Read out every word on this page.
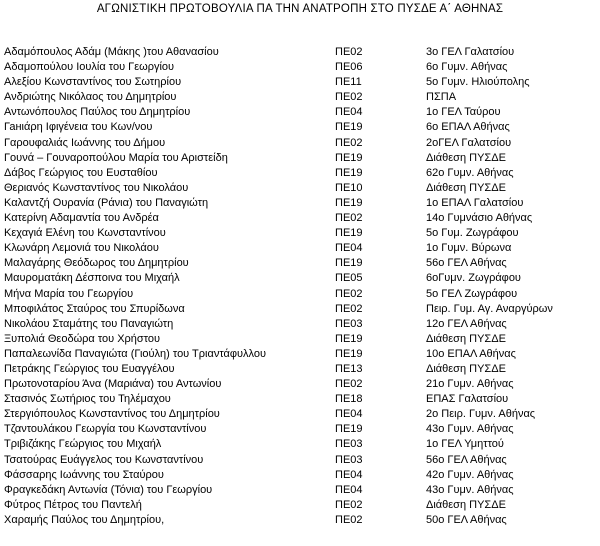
ΑΓΩΝΙΣΤΙΚΗ ΠΡΩΤΟΒΟΥΛΙΑ ΠΑ ΤΗΝ ΑΝΑΤΡΟΠΗ ΣΤΟ ΠΥΣΔΕ Α΄ ΑΘΗΝΑΣ
Αδαμόπουλος Αδάμ (Μάκης )του Αθανασίου	ΠΕ02	3ο ΓΕΛ Γαλατσίου
Αδαμοπούλου Ιουλία του Γεωργίου	ΠΕ06	6ο Γυμν. Αθήνας
Αλεξίου Κωνσταντίνος του Σωτηρίου	ΠΕ11	5ο Γυμν. Ηλιούπολης
Ανδριώτης Νικόλαος του Δημητρίου	ΠΕ02	ΠΣΠΑ
Αντωνόπουλος Παύλος του Δημητρίου	ΠΕ04	1ο ΓΕΛ Ταύρου
Ганιάρη Ιφιγένεια του Κων/νου	ΠΕ19	6ο ΕΠΑΛ Αθήνας
Γαρουφαλιάς Ιωάννης του Δήμου	ΠΕ02	2οΓΕΛ Γαλατσίου
Γουνά – Γουναροπούλου Μαρία του Αριστείδη	ΠΕ19	Διάθεση ΠΥΣΔΕ
Δάβος Γεώργιος του Ευσταθίου	ΠΕ19	62ο Γυμν. Αθήνας
Θεριανός Κωνσταντίνος του Νικολάου	ΠΕ10	Διάθεση ΠΥΣΔΕ
Καλαντζή Ουρανία (Ράνια) του Παναγιώτη	ΠΕ19	1ο ΕΠΑΛ Γαλατσίου
Κατερίνη Αδαμαντία του Ανδρέα	ΠΕ02	14ο Γυμνάσιο Αθήνας
Κεχαγιά Ελένη του Κωνσταντίνου	ΠΕ19	5ο Γυμ. Ζωγράφου
Κλωνάρη Λεμονιά του Νικολάου	ΠΕ04	1ο Γυμν. Βύρωνα
Μαλαγάρης Θεόδωρος του Δημητρίου	ΠΕ19	56ο ΓΕΛ Αθήνας
Μαυροματάκη Δέσποινα του Μιχαήλ	ΠΕ05	6οΓυμν. Ζωγράφου
Μήνα Μαρία του Γεωργίου	ΠΕ02	5ο ΓΕΛ Ζωγράφου
Μποφιλάτος Σταύρος του Σπυρίδωνα	ΠΕ02	Πειρ. Γυμ. Αγ. Αναργύρων
Νικολάου Σταμάτης του Παναγιώτη	ΠΕ03	12ο ΓΕΛ Αθήνας
Ξυπολιά Θεοδώρα του Χρήστου	ΠΕ19	Διάθεση ΠΥΣΔΕ
Παπαλεωνίδα Παναγιώτα (Γιούλη) του Τριαντάφυλλου	ΠΕ19	10ο ΕΠΑΛ Αθήνας
Πετράκης Γεώργιος του Ευαγγέλου	ΠΕ13	Διάθεση ΠΥΣΔΕ
Πρωτονοταρίου Άνα (Μαριάνα) του Αντωνίου	ΠΕ02	21ο Γυμν. Αθήνας
Στασινός Σωτήριος του Τηλέμαχου	ΠΕ18	ΕΠΑΣ Γαλατσίου
Στεργιόπουλος Κωνσταντίνος του Δημητρίου	ΠΕ04	2ο Πειρ. Γυμν. Αθήνας
Τζαντουλάκου Γεωργία του Κωνσταντίνου	ΠΕ19	43ο Γυμν. Αθήνας
Τριβιζάκης Γεώργιος του Μιχαήλ	ΠΕ03	1ο ΓΕΛ Υμηττού
Τσατούρας Ευάγγελος του Κωνσταντίνου	ΠΕ03	56ο ΓΕΛ Αθήνας
Φάσσαρης Ιωάννης του Σταύρου	ΠΕ04	42ο Γυμν. Αθήνας
Φραγκεδάκη Αντωνία (Τόνια) του Γεωργίου	ΠΕ04	43ο Γυμν. Αθήνας
Φύτρος Πέτρος του Παντελή	ΠΕ02	Διάθεση ΠΥΣΔΕ
Χαραμής Παύλος του Δημητρίου,	ΠΕ02	50ο ΓΕΛ Αθήνας
